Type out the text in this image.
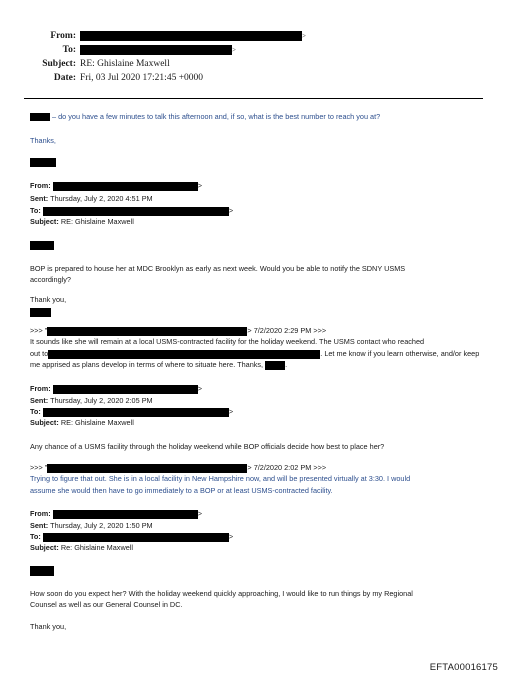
From:	>
To:	>
Subject: RE: Ghislaine Maxwell
Date: Fri, 03 Jul 2020 17:21:45 +0000
– do you have a few minutes to talk this afternoon and, if so, what is the best number to reach you at?
Thanks,
From:	>
Sent: Thursday, July 2, 2020 4:51 PM
To:	>
Subject: RE: Ghislaine Maxwell
BOP is prepared to house her at MDC Brooklyn as early as next week. Would you be able to notify the SDNY USMS
accordingly?
Thank you,
>>> "	> 7/2/2020 2:29 PM >>>
It sounds like she will remain at a local USMS-contracted facility for the holiday weekend. The USMS contact who reached
out to	. Let me know if you learn otherwise, and/or keep
me apprised as plans develop in terms of where to situate here. Thanks,	.
From:	>
Sent: Thursday, July 2, 2020 2:05 PM
To:	>
Subject: RE: Ghislaine Maxwell
Any chance of a USMS facility through the holiday weekend while BOP officials decide how best to place her?
>>> "	> 7/2/2020 2:02 PM >>>
Trying to figure that out. She is in a local facility in New Hampshire now, and will be presented virtually at 3:30. I would
assume she would then have to go immediately to a BOP or at least USMS-contracted facility.
From:	>
Sent: Thursday, July 2, 2020 1:50 PM
To:	>
Subject: Re: Ghislaine Maxwell
How soon do you expect her? With the holiday weekend quickly approaching, I would like to run things by my Regional
Counsel as well as our General Counsel in DC.
Thank you,
EFTA00016175
